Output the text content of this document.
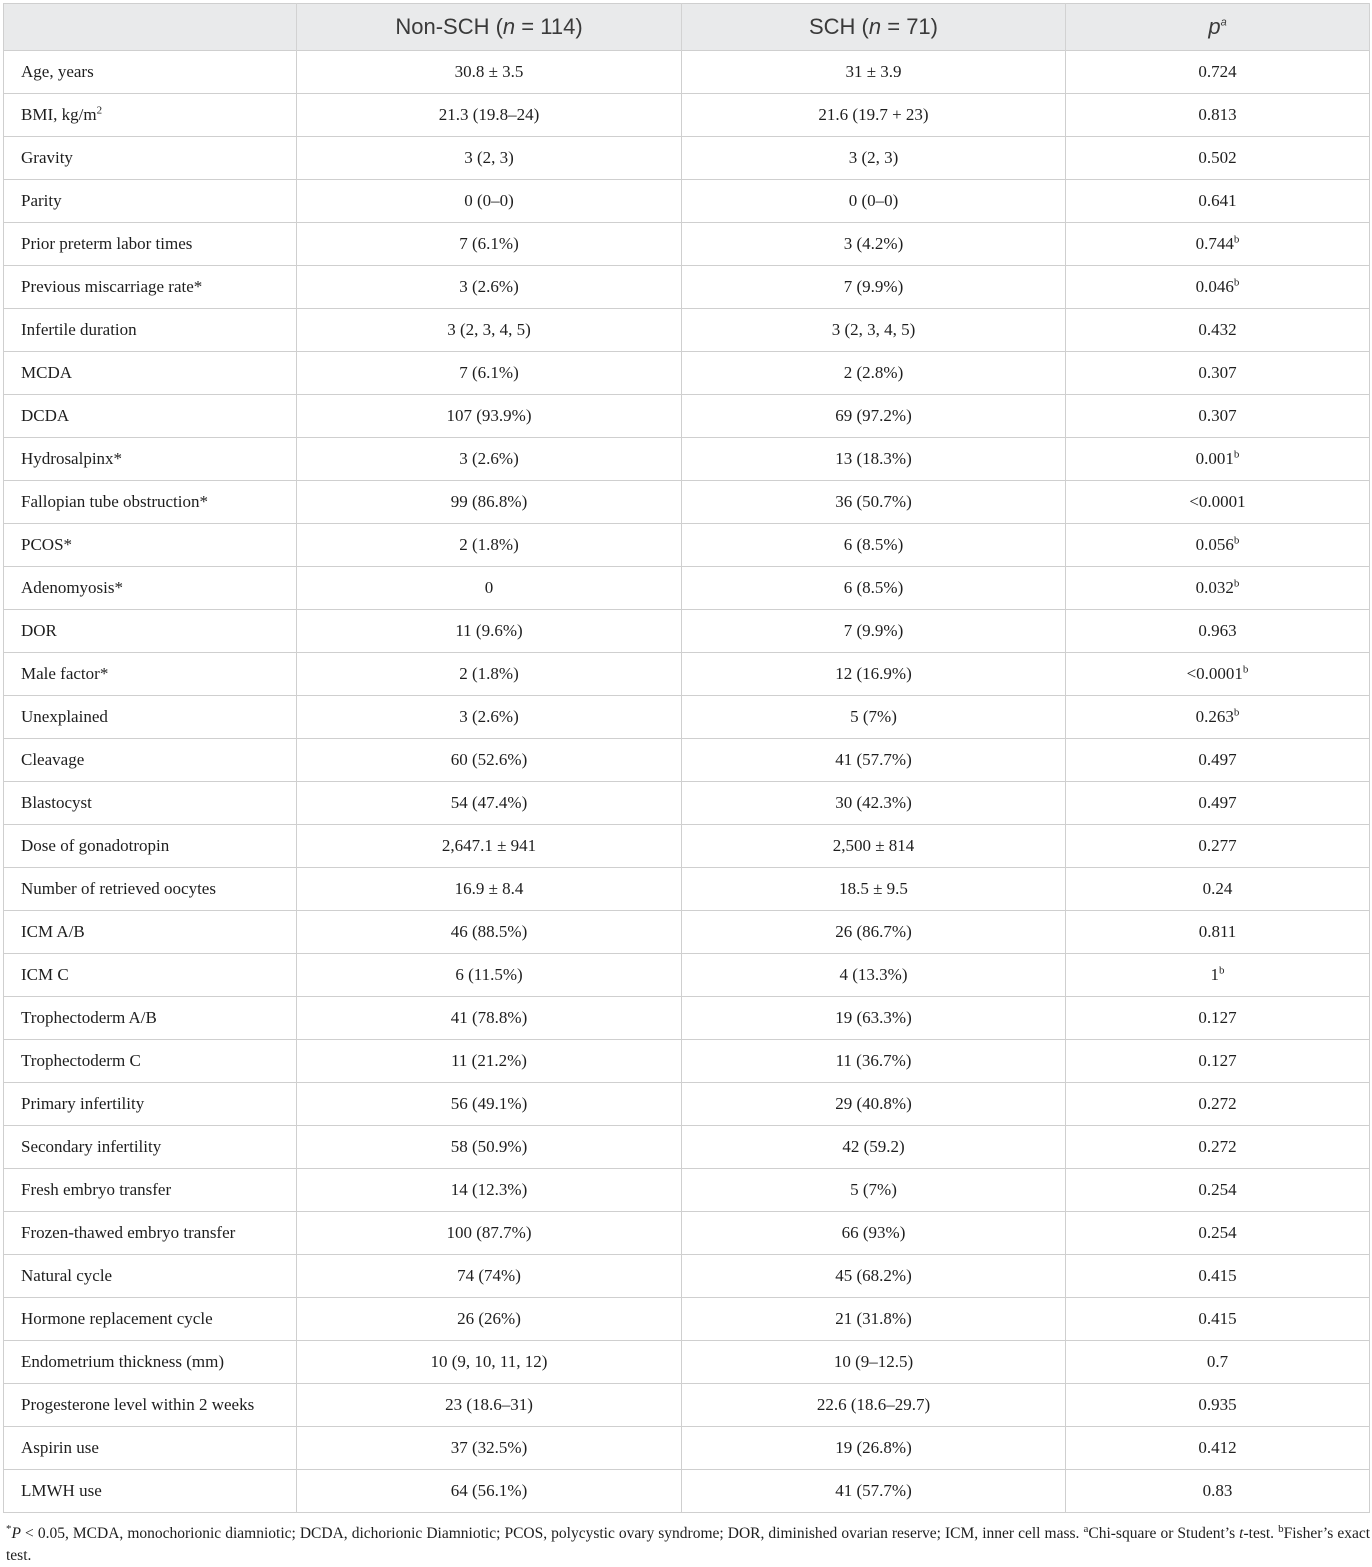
	Non-SCH (n = 114)	SCH (n = 71)	$p^a$
Age, years	30.8 ± 3.5	31 ± 3.9	0.724
BMI, $kg/m^2$	21.3 (19.8–24)	21.6 (19.7 + 23)	0.813
Gravity	3 (2, 3)	3 (2, 3)	0.502
Parity	0 (0–0)	0 (0–0)	0.641
Prior preterm labor times	7 (6.1%)	3 (4.2%)	0.744$^b$
Previous miscarriage rate*	3 (2.6%)	7 (9.9%)	0.046$^b$
Infertile duration	3 (2, 3, 4, 5)	3 (2, 3, 4, 5)	0.432
MCDA	7 (6.1%)	2 (2.8%)	0.307
DCDA	107 (93.9%)	69 (97.2%)	0.307
Hydrosalpinx*	3 (2.6%)	13 (18.3%)	0.001$^b$
Fallopian tube obstruction*	99 (86.8%)	36 (50.7%)	<0.0001
PCOS*	2 (1.8%)	6 (8.5%)	0.056$^b$
Adenomyosis*	0	6 (8.5%)	0.032$^b$
DOR	11 (9.6%)	7 (9.9%)	0.963
Male factor*	2 (1.8%)	12 (16.9%)	<0.0001$^b$
Unexplained	3 (2.6%)	5 (7%)	0.263$^b$
Cleavage	60 (52.6%)	41 (57.7%)	0.497
Blastocyst	54 (47.4%)	30 (42.3%)	0.497
Dose of gonadotropin	2,647.1 ± 941	2,500 ± 814	0.277
Number of retrieved oocytes	16.9 ± 8.4	18.5 ± 9.5	0.24
ICM A/B	46 (88.5%)	26 (86.7%)	0.811
ICM C	6 (11.5%)	4 (13.3%)	1$^b$
Trophectoderm A/B	41 (78.8%)	19 (63.3%)	0.127
Trophectoderm C	11 (21.2%)	11 (36.7%)	0.127
Primary infertility	56 (49.1%)	29 (40.8%)	0.272
Secondary infertility	58 (50.9%)	42 (59.2)	0.272
Fresh embryo transfer	14 (12.3%)	5 (7%)	0.254
Frozen-thawed embryo transfer	100 (87.7%)	66 (93%)	0.254
Natural cycle	74 (74%)	45 (68.2%)	0.415
Hormone replacement cycle	26 (26%)	21 (31.8%)	0.415
Endometrium thickness (mm)	10 (9, 10, 11, 12)	10 (9–12.5)	0.7
Progesterone level within 2 weeks	23 (18.6–31)	22.6 (18.6–29.7)	0.935
Aspirin use	37 (32.5%)	19 (26.8%)	0.412
LMWH use	64 (56.1%)	41 (57.7%)	0.83
*P < 0.05, MCDA, monochorionic diamniotic; DCDA, dichorionic Diamniotic; PCOS, polycystic ovary syndrome; DOR, diminished ovarian reserve; ICM, inner cell mass. $^a$Chi-square or Student’s t-test. $^b$Fisher’s exact test.
